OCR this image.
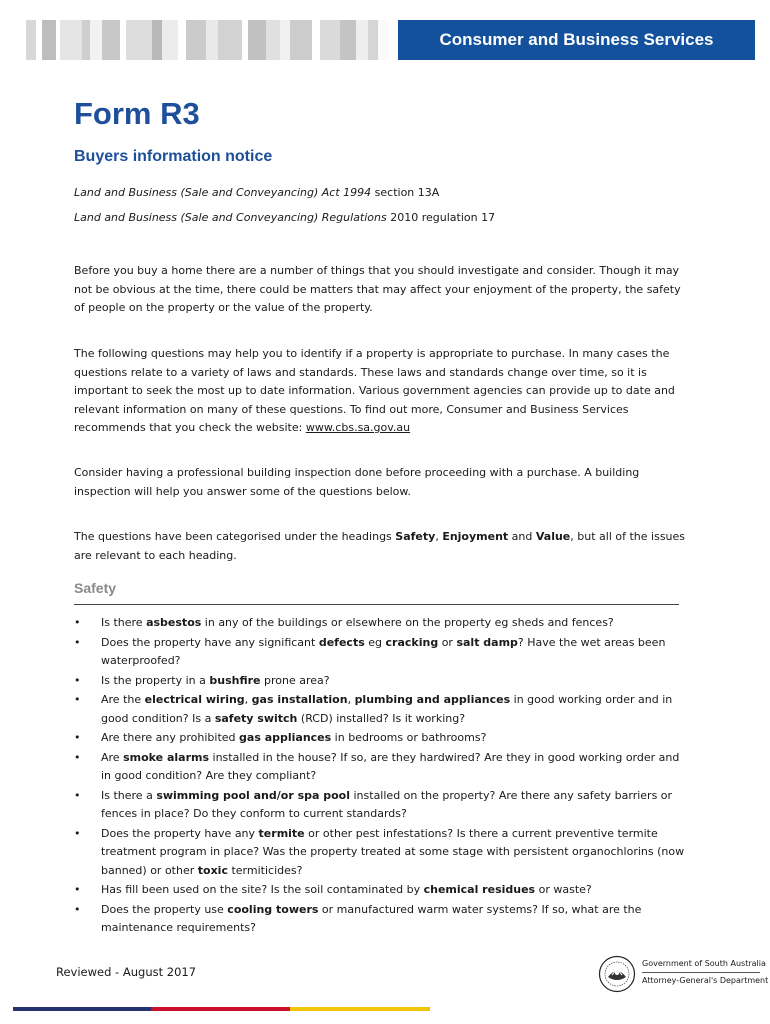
Consumer and Business Services
Form R3
Buyers information notice
Land and Business (Sale and Conveyancing) Act 1994 section 13A
Land and Business (Sale and Conveyancing) Regulations 2010 regulation 17

Before you buy a home there are a number of things that you should investigate and consider. Though it may not be obvious at the time, there could be matters that may affect your enjoyment of the property, the safety of people on the property or the value of the property.

The following questions may help you to identify if a property is appropriate to purchase. In many cases the questions relate to a variety of laws and standards. These laws and standards change over time, so it is important to seek the most up to date information. Various government agencies can provide up to date and relevant information on many of these questions. To find out more, Consumer and Business Services recommends that you check the website: www.cbs.sa.gov.au

Consider having a professional building inspection done before proceeding with a purchase. A building inspection will help you answer some of the questions below.

The questions have been categorised under the headings Safety, Enjoyment and Value, but all of the issues are relevant to each heading.

Safety
• Is there asbestos in any of the buildings or elsewhere on the property eg sheds and fences?
• Does the property have any significant defects eg cracking or salt damp? Have the wet areas been waterproofed?
• Is the property in a bushfire prone area?
• Are the electrical wiring, gas installation, plumbing and appliances in good working order and in good condition? Is a safety switch (RCD) installed? Is it working?
• Are there any prohibited gas appliances in bedrooms or bathrooms?
• Are smoke alarms installed in the house? If so, are they hardwired? Are they in good working order and in good condition? Are they compliant?
• Is there a swimming pool and/or spa pool installed on the property? Are there any safety barriers or fences in place? Do they conform to current standards?
• Does the property have any termite or other pest infestations? Is there a current preventive termite treatment program in place? Was the property treated at some stage with persistent organochlorins (now banned) or other toxic termiticides?
• Has fill been used on the site? Is the soil contaminated by chemical residues or waste?
• Does the property use cooling towers or manufactured warm water systems? If so, what are the maintenance requirements?
Reviewed - August 2017
Government of South Australia
Attorney-General's Department
